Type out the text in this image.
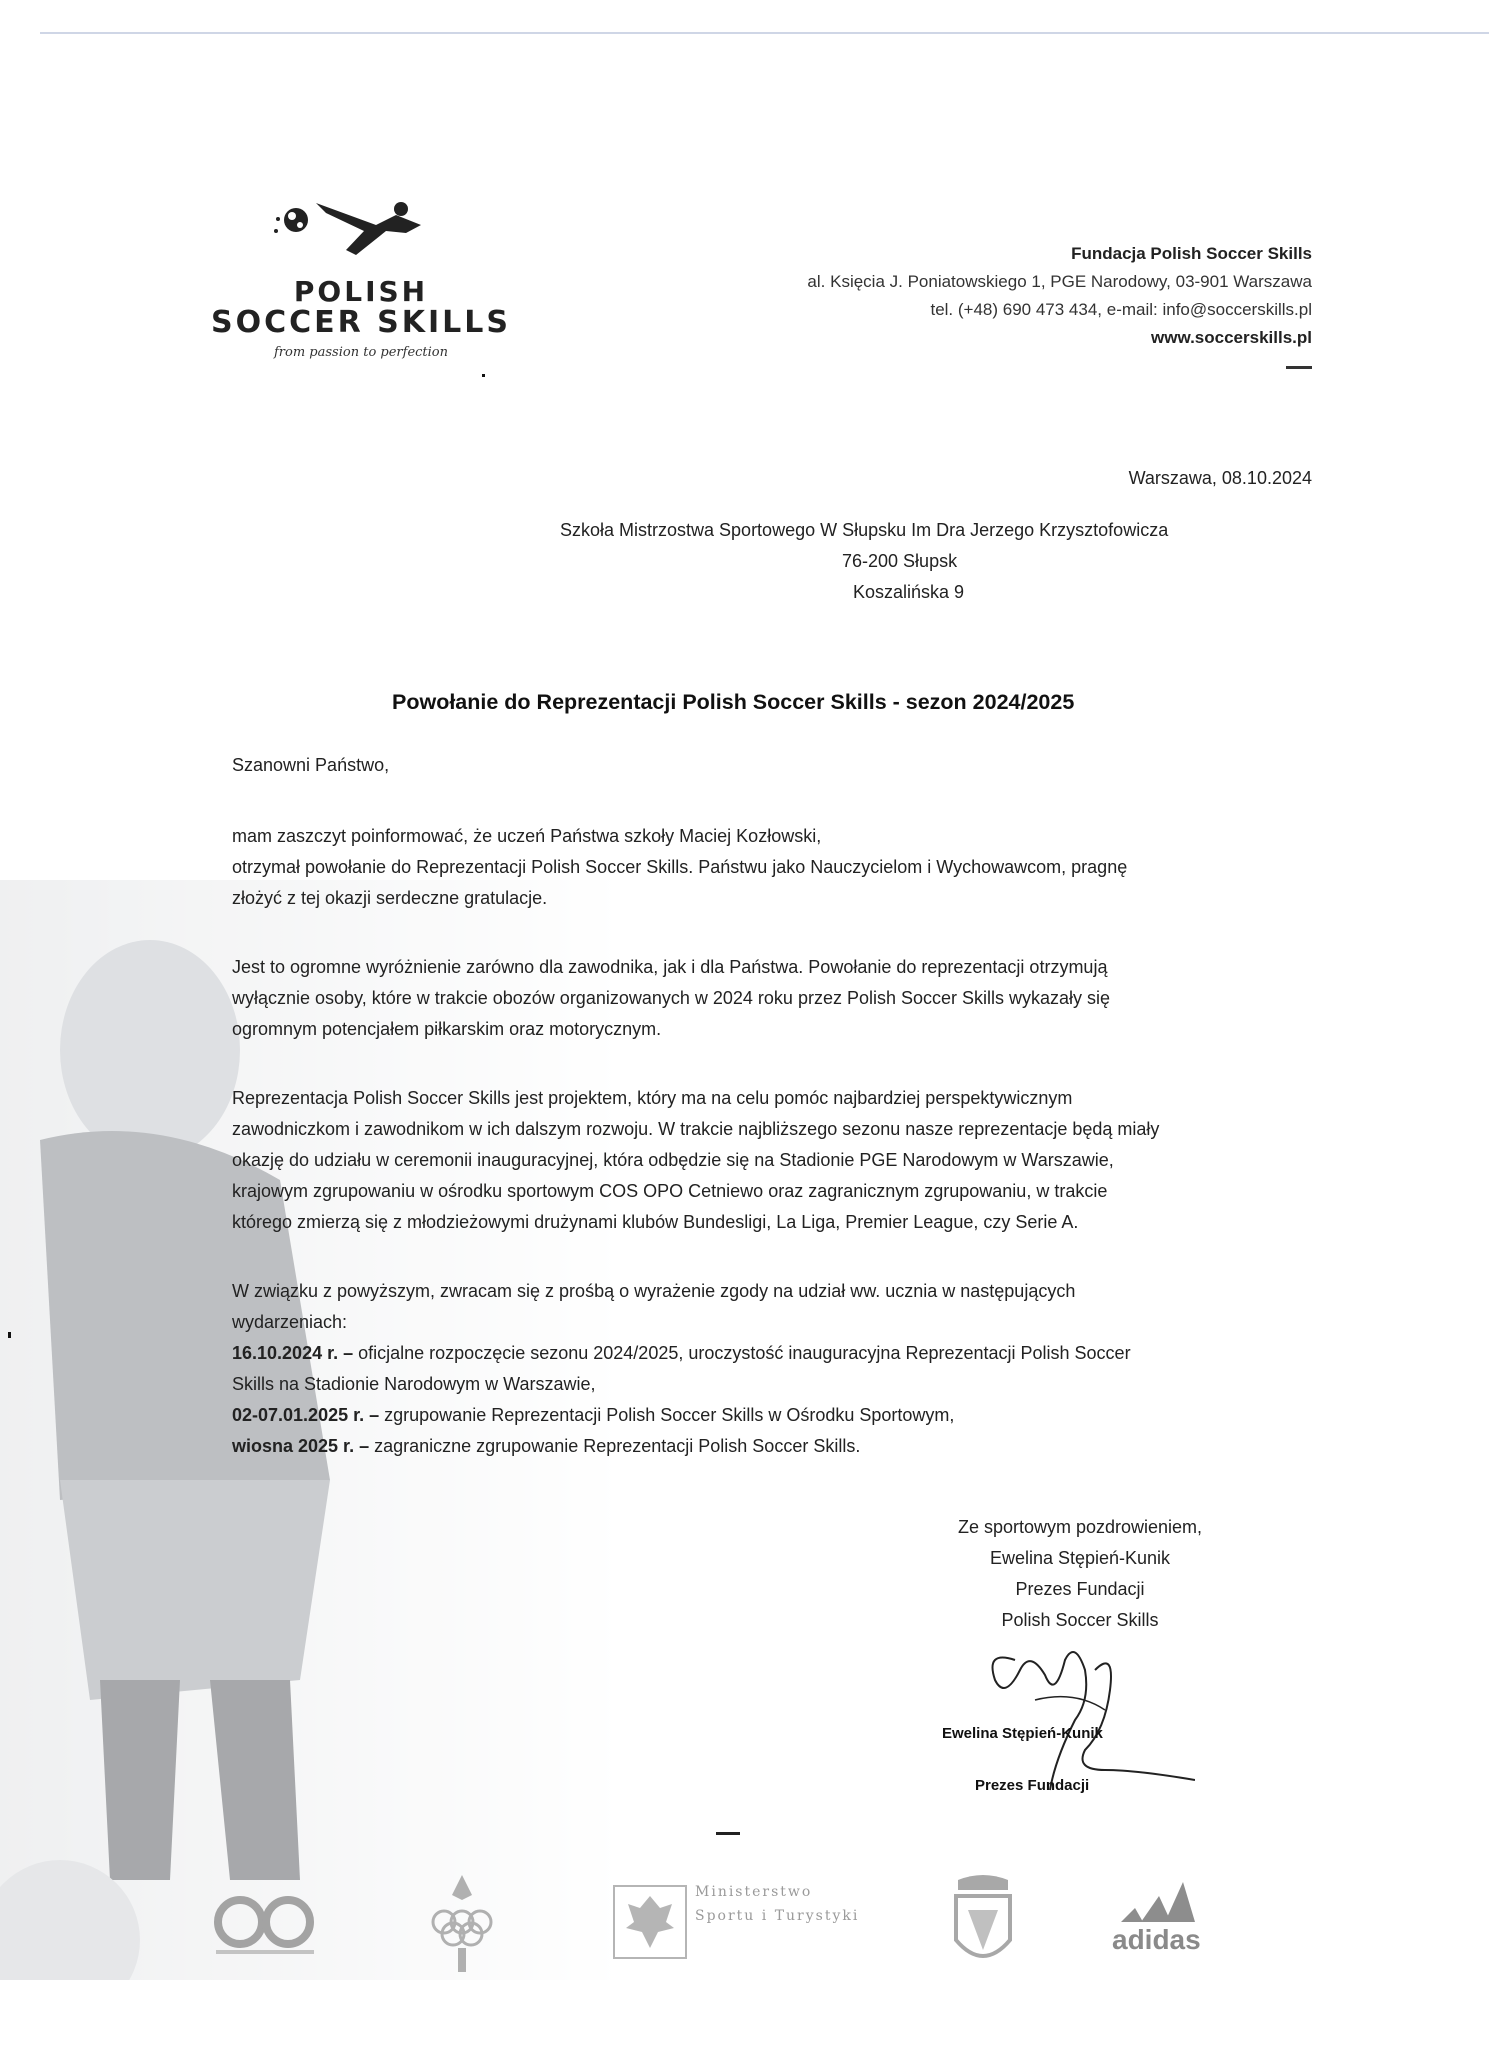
POLISH
SOCCER SKILLS
from passion to perfection
Fundacja Polish Soccer Skills
al. Księcia J. Poniatowskiego 1, PGE Narodowy, 03-901 Warszawa
tel. (+48) 690 473 434, e-mail: info@soccerskills.pl
www.soccerskills.pl
Warszawa, 08.10.2024
Szkoła Mistrzostwa Sportowego W Słupsku Im Dra Jerzego Krzysztofowicza
76-200 Słupsk
Koszalińska 9
Powołanie do Reprezentacji Polish Soccer Skills - sezon 2024/2025

Szanowni Państwo,

mam zaszczyt poinformować, że uczeń Państwa szkoły Maciej Kozłowski,

otrzymał powołanie do Reprezentacji Polish Soccer Skills. Państwu jako Nauczycielom i Wychowawcom, pragnę

złożyć z tej okazji serdeczne gratulacje.

Jest to ogromne wyróżnienie zarówno dla zawodnika, jak i dla Państwa. Powołanie do reprezentacji otrzymują

wyłącznie osoby, które w trakcie obozów organizowanych w 2024 roku przez Polish Soccer Skills wykazały się

ogromnym potencjałem piłkarskim oraz motorycznym.

Reprezentacja Polish Soccer Skills jest projektem, który ma na celu pomóc najbardziej perspektywicznym

zawodniczkom i zawodnikom w ich dalszym rozwoju. W trakcie najbliższego sezonu nasze reprezentacje będą miały

okazję do udziału w ceremonii inauguracyjnej, która odbędzie się na Stadionie PGE Narodowym w Warszawie,

krajowym zgrupowaniu w ośrodku sportowym COS OPO Cetniewo oraz zagranicznym zgrupowaniu, w trakcie

którego zmierzą się z młodzieżowymi drużynami klubów Bundesligi, La Liga, Premier League, czy Serie A.

W związku z powyższym, zwracam się z prośbą o wyrażenie zgody na udział ww. ucznia w następujących

wydarzeniach:

16.10.2024 r. – oficjalne rozpoczęcie sezonu 2024/2025, uroczystość inauguracyjna Reprezentacji Polish Soccer

Skills na Stadionie Narodowym w Warszawie,

02-07.01.2025 r. – zgrupowanie Reprezentacji Polish Soccer Skills w Ośrodku Sportowym,

wiosna 2025 r. – zagraniczne zgrupowanie Reprezentacji Polish Soccer Skills.

Ze sportowym pozdrowieniem,
Ewelina Stępień-Kunik
Prezes Fundacji
Polish Soccer Skills
Ewelina Stępień-Kunik
Prezes Fundacji
Ministerstwo
Sportu i Turystyki
adidas
